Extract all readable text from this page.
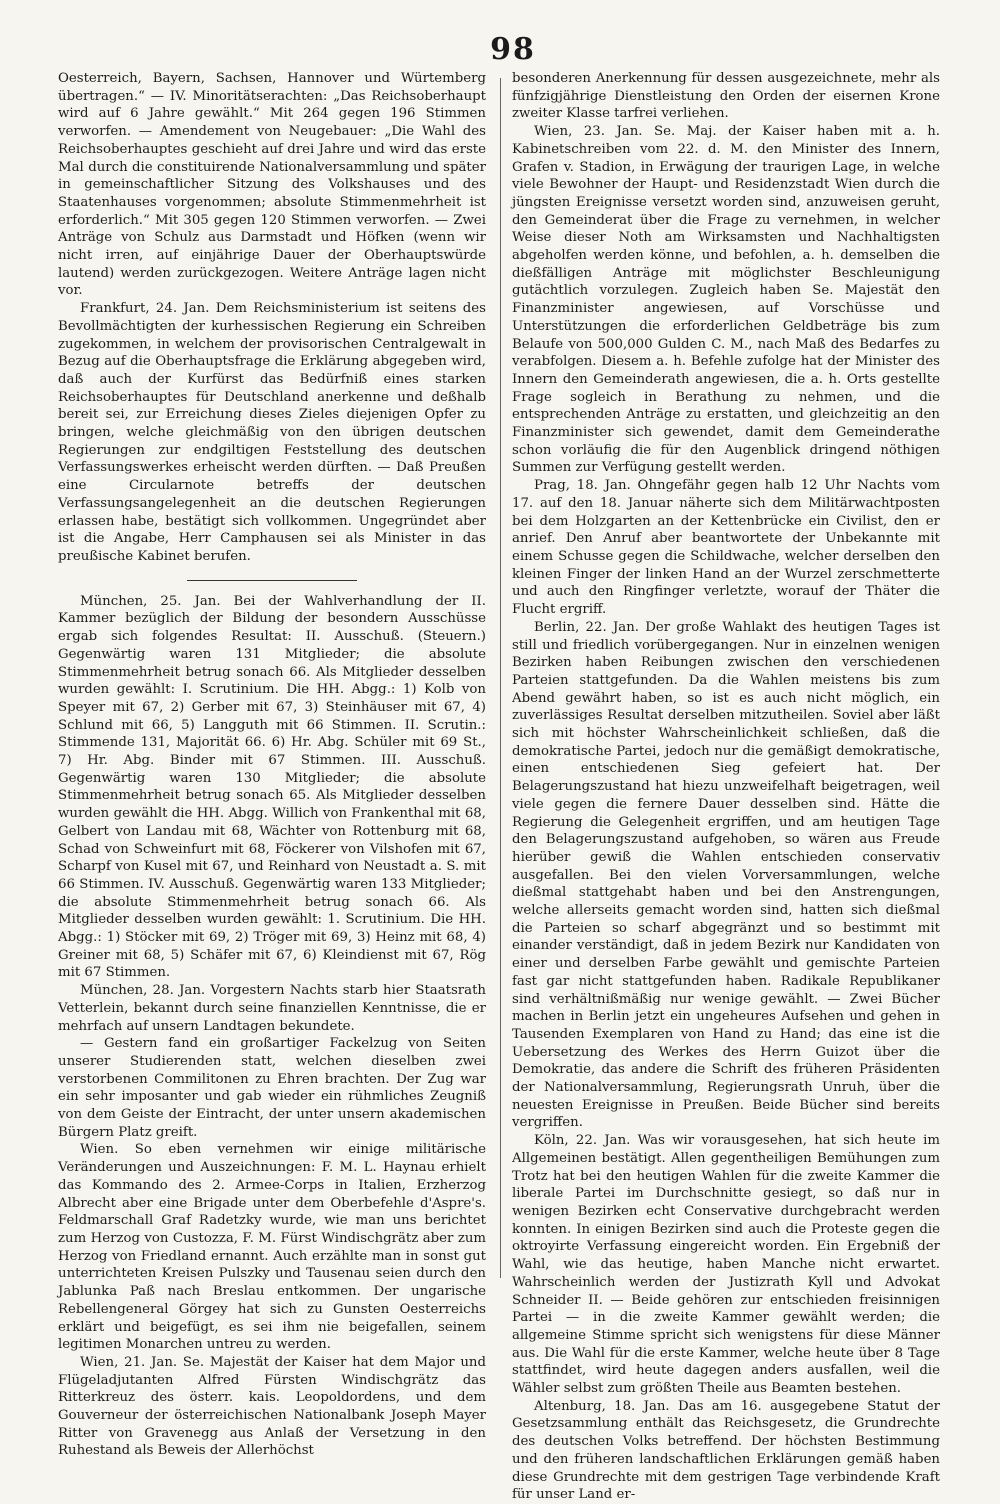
98

Oesterreich, Bayern, Sachsen, Hannover und Würtemberg übertragen.“ — IV. Minoritätserachten: „Das Reichsoberhaupt wird auf 6 Jahre gewählt.“ Mit 264 gegen 196 Stimmen verworfen. — Amendement von Neugebauer: „Die Wahl des Reichsoberhauptes geschieht auf drei Jahre und wird das erste Mal durch die constituirende Nationalversammlung und später in gemeinschaftlicher Sitzung des Volkshauses und des Staatenhauses vorgenommen; absolute Stimmenmehrheit ist erforderlich.“ Mit 305 gegen 120 Stimmen verworfen. — Zwei Anträge von Schulz aus Darmstadt und Höfken (wenn wir nicht irren, auf einjährige Dauer der Oberhauptswürde lautend) werden zurückgezogen. Weitere Anträge lagen nicht vor.

Frankfurt, 24. Jan. Dem Reichsministerium ist seitens des Bevollmächtigten der kurhessischen Regierung ein Schreiben zugekommen, in welchem der provisorischen Centralgewalt in Bezug auf die Oberhauptsfrage die Erklärung abgegeben wird, daß auch der Kurfürst das Bedürfniß eines starken Reichsoberhauptes für Deutschland anerkenne und deßhalb bereit sei, zur Erreichung dieses Zieles diejenigen Opfer zu bringen, welche gleichmäßig von den übrigen deutschen Regierungen zur endgiltigen Feststellung des deutschen Verfassungswerkes erheischt werden dürften. — Daß Preußen eine Circularnote betreffs der deutschen Verfassungsangelegenheit an die deutschen Regierungen erlassen habe, bestätigt sich vollkommen. Ungegründet aber ist die Angabe, Herr Camphausen sei als Minister in das preußische Kabinet berufen.

München, 25. Jan. Bei der Wahlverhandlung der II. Kammer bezüglich der Bildung der besondern Ausschüsse ergab sich folgendes Resultat: II. Ausschuß. (Steuern.) Gegenwärtig waren 131 Mitglieder; die absolute Stimmenmehrheit betrug sonach 66. Als Mitglieder desselben wurden gewählt: I. Scrutinium. Die HH. Abgg.: 1) Kolb von Speyer mit 67, 2) Gerber mit 67, 3) Steinhäuser mit 67, 4) Schlund mit 66, 5) Langguth mit 66 Stimmen. II. Scrutin.: Stimmende 131, Majorität 66. 6) Hr. Abg. Schüler mit 69 St., 7) Hr. Abg. Binder mit 67 Stimmen. III. Ausschuß. Gegenwärtig waren 130 Mitglieder; die absolute Stimmenmehrheit betrug sonach 65. Als Mitglieder desselben wurden gewählt die HH. Abgg. Willich von Frankenthal mit 68, Gelbert von Landau mit 68, Wächter von Rottenburg mit 68, Schad von Schweinfurt mit 68, Föckerer von Vilshofen mit 67, Scharpf von Kusel mit 67, und Reinhard von Neustadt a. S. mit 66 Stimmen. IV. Ausschuß. Gegenwärtig waren 133 Mitglieder; die absolute Stimmenmehrheit betrug sonach 66. Als Mitglieder desselben wurden gewählt: 1. Scrutinium. Die HH. Abgg.: 1) Stöcker mit 69, 2) Tröger mit 69, 3) Heinz mit 68, 4) Greiner mit 68, 5) Schäfer mit 67, 6) Kleindienst mit 67, Rög mit 67 Stimmen.

München, 28. Jan. Vorgestern Nachts starb hier Staatsrath Vetterlein, bekannt durch seine finanziellen Kenntnisse, die er mehrfach auf unsern Landtagen bekundete.

— Gestern fand ein großartiger Fackelzug von Seiten unserer Studierenden statt, welchen dieselben zwei verstorbenen Commilitonen zu Ehren brachten. Der Zug war ein sehr imposanter und gab wieder ein rühmliches Zeugniß von dem Geiste der Eintracht, der unter unsern akademischen Bürgern Platz greift.

Wien. So eben vernehmen wir einige militärische Veränderungen und Auszeichnungen: F. M. L. Haynau erhielt das Kommando des 2. Armee-Corps in Italien, Erzherzog Albrecht aber eine Brigade unter dem Oberbefehle d'Aspre's. Feldmarschall Graf Radetzky wurde, wie man uns berichtet zum Herzog von Custozza, F. M. Fürst Windischgrätz aber zum Herzog von Friedland ernannt. Auch erzählte man in sonst gut unterrichteten Kreisen Pulszky und Tausenau seien durch den Jablunka Paß nach Breslau entkommen. Der ungarische Rebellengeneral Görgey hat sich zu Gunsten Oesterreichs erklärt und beigefügt, es sei ihm nie beigefallen, seinem legitimen Monarchen untreu zu werden.

Wien, 21. Jan. Se. Majestät der Kaiser hat dem Major und Flügeladjutanten Alfred Fürsten Windischgrätz das Ritterkreuz des österr. kais. Leopoldordens, und dem Gouverneur der österreichischen Nationalbank Joseph Mayer Ritter von Gravenegg aus Anlaß der Versetzung in den Ruhestand als Beweis der Allerhöchst

besonderen Anerkennung für dessen ausgezeichnete, mehr als fünfzigjährige Dienstleistung den Orden der eisernen Krone zweiter Klasse tarfrei verliehen.

Wien, 23. Jan. Se. Maj. der Kaiser haben mit a. h. Kabinetschreiben vom 22. d. M. den Minister des Innern, Grafen v. Stadion, in Erwägung der traurigen Lage, in welche viele Bewohner der Haupt- und Residenzstadt Wien durch die jüngsten Ereignisse versetzt worden sind, anzuweisen geruht, den Gemeinderat über die Frage zu vernehmen, in welcher Weise dieser Noth am Wirksamsten und Nachhaltigsten abgeholfen werden könne, und befohlen, a. h. demselben die dießfälligen Anträge mit möglichster Beschleunigung gutächtlich vorzulegen. Zugleich haben Se. Majestät den Finanzminister angewiesen, auf Vorschüsse und Unterstützungen die erforderlichen Geldbeträge bis zum Belaufe von 500,000 Gulden C. M., nach Maß des Bedarfes zu verabfolgen. Diesem a. h. Befehle zufolge hat der Minister des Innern den Gemeinderath angewiesen, die a. h. Orts gestellte Frage sogleich in Berathung zu nehmen, und die entsprechenden Anträge zu erstatten, und gleichzeitig an den Finanzminister sich gewendet, damit dem Gemeinderathe schon vorläufig die für den Augenblick dringend nöthigen Summen zur Verfügung gestellt werden.

Prag, 18. Jan. Ohngefähr gegen halb 12 Uhr Nachts vom 17. auf den 18. Januar näherte sich dem Militärwachtposten bei dem Holzgarten an der Kettenbrücke ein Civilist, den er anrief. Den Anruf aber beantwortete der Unbekannte mit einem Schusse gegen die Schildwache, welcher derselben den kleinen Finger der linken Hand an der Wurzel zerschmetterte und auch den Ringfinger verletzte, worauf der Thäter die Flucht ergriff.

Berlin, 22. Jan. Der große Wahlakt des heutigen Tages ist still und friedlich vorübergegangen. Nur in einzelnen wenigen Bezirken haben Reibungen zwischen den verschiedenen Parteien stattgefunden. Da die Wahlen meistens bis zum Abend gewährt haben, so ist es auch nicht möglich, ein zuverlässiges Resultat derselben mitzutheilen. Soviel aber läßt sich mit höchster Wahrscheinlichkeit schließen, daß die demokratische Partei, jedoch nur die gemäßigt demokratische, einen entschiedenen Sieg gefeiert hat. Der Belagerungszustand hat hiezu unzweifelhaft beigetragen, weil viele gegen die fernere Dauer desselben sind. Hätte die Regierung die Gelegenheit ergriffen, und am heutigen Tage den Belagerungszustand aufgehoben, so wären aus Freude hierüber gewiß die Wahlen entschieden conservativ ausgefallen. Bei den vielen Vorversammlungen, welche dießmal stattgehabt haben und bei den Anstrengungen, welche allerseits gemacht worden sind, hatten sich dießmal die Parteien so scharf abgegränzt und so bestimmt mit einander verständigt, daß in jedem Bezirk nur Kandidaten von einer und derselben Farbe gewählt und gemischte Parteien fast gar nicht stattgefunden haben. Radikale Republikaner sind verhältnißmäßig nur wenige gewählt. — Zwei Bücher machen in Berlin jetzt ein ungeheures Aufsehen und gehen in Tausenden Exemplaren von Hand zu Hand; das eine ist die Uebersetzung des Werkes des Herrn Guizot über die Demokratie, das andere die Schrift des früheren Präsidenten der Nationalversammlung, Regierungsrath Unruh, über die neuesten Ereignisse in Preußen. Beide Bücher sind bereits vergriffen.

Köln, 22. Jan. Was wir vorausgesehen, hat sich heute im Allgemeinen bestätigt. Allen gegentheiligen Bemühungen zum Trotz hat bei den heutigen Wahlen für die zweite Kammer die liberale Partei im Durchschnitte gesiegt, so daß nur in wenigen Bezirken echt Conservative durchgebracht werden konnten. In einigen Bezirken sind auch die Proteste gegen die oktroyirte Verfassung eingereicht worden. Ein Ergebniß der Wahl, wie das heutige, haben Manche nicht erwartet. Wahrscheinlich werden der Justizrath Kyll und Advokat Schneider II. — Beide gehören zur entschieden freisinnigen Partei — in die zweite Kammer gewählt werden; die allgemeine Stimme spricht sich wenigstens für diese Männer aus. Die Wahl für die erste Kammer, welche heute über 8 Tage stattfindet, wird heute dagegen anders ausfallen, weil die Wähler selbst zum größten Theile aus Beamten bestehen.

Altenburg, 18. Jan. Das am 16. ausgegebene Statut der Gesetzsammlung enthält das Reichsgesetz, die Grundrechte des deutschen Volks betreffend. Der höchsten Bestimmung und den früheren landschaftlichen Erklärungen gemäß haben diese Grundrechte mit dem gestrigen Tage verbindende Kraft für unser Land er-
